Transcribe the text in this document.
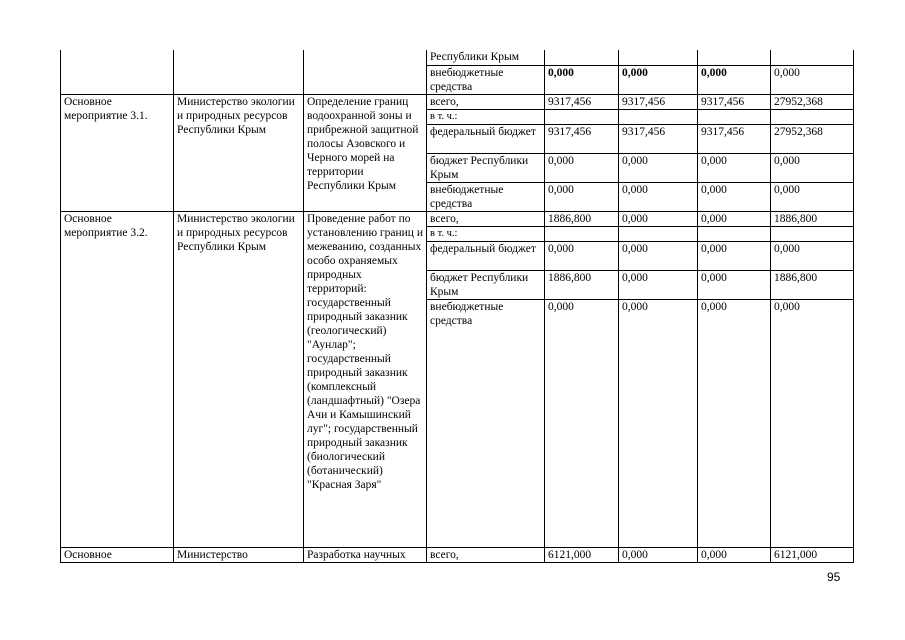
			Республики Крым				
			внебюджетные средства	0,000	0,000	0,000	0,000
Основное мероприятие 3.1.	Министерство экологии и природных ресурсов Республики Крым	Определение границ водоохранной зоны и прибрежной защитной полосы Азовского и Черного морей на территории Республики Крым	всего,	9317,456	9317,456	9317,456	27952,368
			в т. ч.:				
			федеральный бюджет	9317,456	9317,456	9317,456	27952,368
			бюджет Республики Крым	0,000	0,000	0,000	0,000
			внебюджетные средства	0,000	0,000	0,000	0,000
Основное мероприятие 3.2.	Министерство экологии и природных ресурсов Республики Крым	Проведение работ по установлению границ и межеванию, созданных особо охраняемых природных территорий: государственный природный заказник (геологический) "Аунлар"; государственный природный заказник (комплексный (ландшафтный) "Озера Ачи и Камышинский луг"; государственный природный заказник (биологический (ботанический) "Красная Заря"	всего,	1886,800	0,000	0,000	1886,800
			в т. ч.:				
			федеральный бюджет	0,000	0,000	0,000	0,000
			бюджет Республики Крым	1886,800	0,000	0,000	1886,800
			внебюджетные средства	0,000	0,000	0,000	0,000
Основное	Министерство	Разработка научных	всего,	6121,000	0,000	0,000	6121,000
95
